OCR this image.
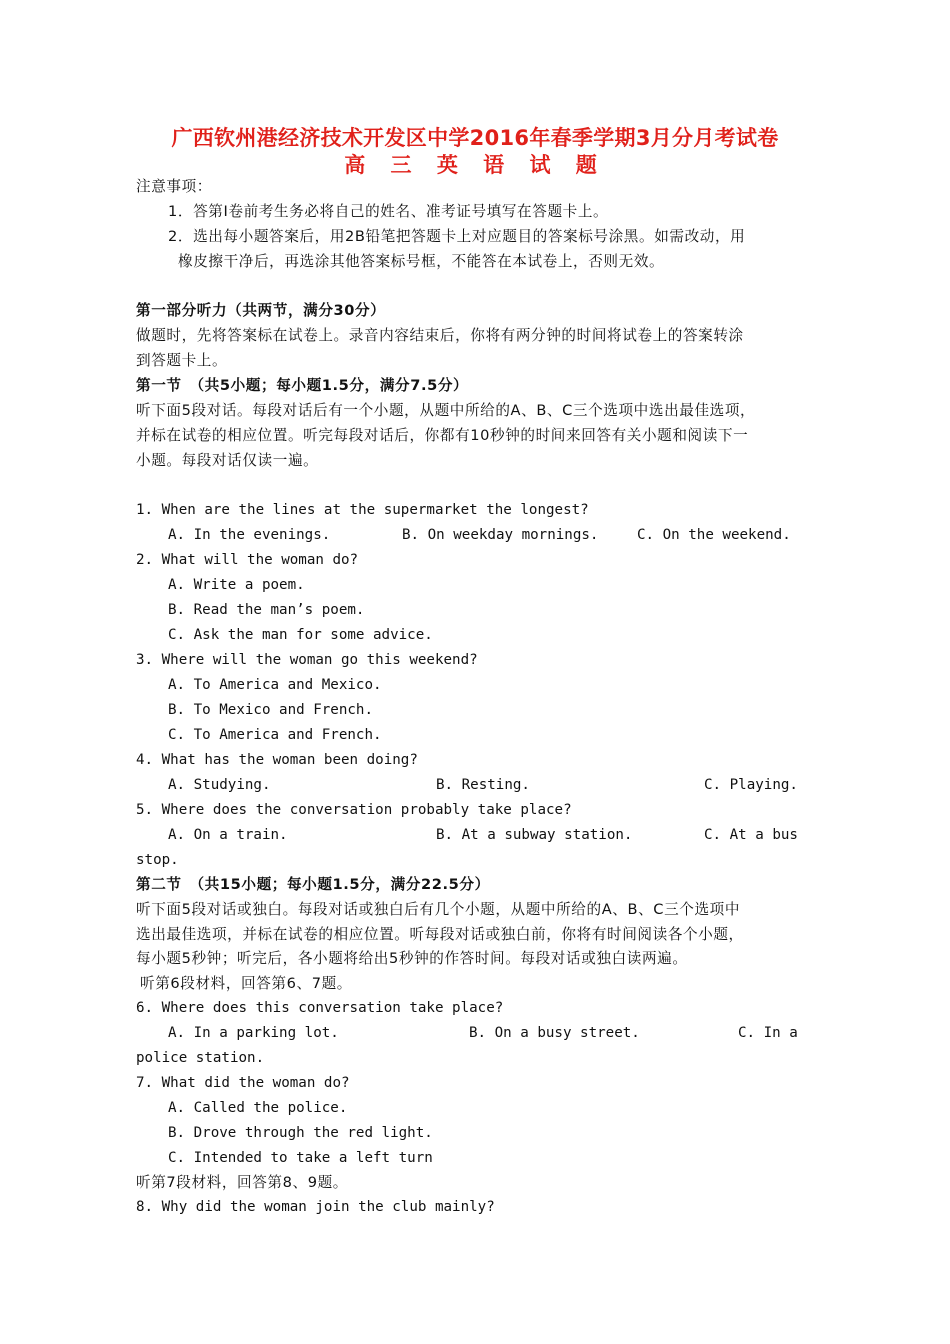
广西钦州港经济技术开发区中学2016年春季学期3月分月考试卷
高 三 英 语 试 题
注意事项：
1．答第Ⅰ卷前考生务必将自己的姓名、准考证号填写在答题卡上。
2．选出每小题答案后，用2B铅笔把答题卡上对应题目的答案标号涂黑。如需改动，用
橡皮擦干净后，再选涂其他答案标号框，不能答在本试卷上，否则无效。
第一部分听力（共两节，满分30分）
做题时，先将答案标在试卷上。录音内容结束后，你将有两分钟的时间将试卷上的答案转涂
到答题卡上。
第一节　（共5小题；每小题1.5分，满分7.5分）
听下面5段对话。每段对话后有一个小题，从题中所给的A、B、C三个选项中选出最佳选项，
并标在试卷的相应位置。听完每段对话后，你都有10秒钟的时间来回答有关小题和阅读下一
小题。每段对话仅读一遍。
1. When are the lines at the supermarket the longest?
A. In the evenings.	B. On weekday mornings.	C. On the weekend.
2. What will the woman do?
A. Write a poem.
B. Read the man’s poem.
C. Ask the man for some advice.
3. Where will the woman go this weekend?
A. To America and Mexico.
B. To Mexico and French.
C. To America and French.
4. What has the woman been doing?
A. Studying.	B. Resting.	C. Playing.
5. Where does the conversation probably take place?
A. On a train.	B. At a subway station.	C. At a bus
stop.
第二节　（共15小题；每小题1.5分，满分22.5分）
听下面5段对话或独白。每段对话或独白后有几个小题，从题中所给的A、B、C三个选项中
选出最佳选项，并标在试卷的相应位置。听每段对话或独白前，你将有时间阅读各个小题，
每小题5秒钟；听完后，各小题将给出5秒钟的作答时间。每段对话或独白读两遍。
听第6段材料，回答第6、7题。
6. Where does this conversation take place?
A. In a parking lot.	B. On a busy street.	C. In a
police station.
7. What did the woman do?
A. Called the police.
B. Drove through the red light.
C. Intended to take a left turn
听第7段材料，回答第8、9题。
8. Why did the woman join the club mainly?
